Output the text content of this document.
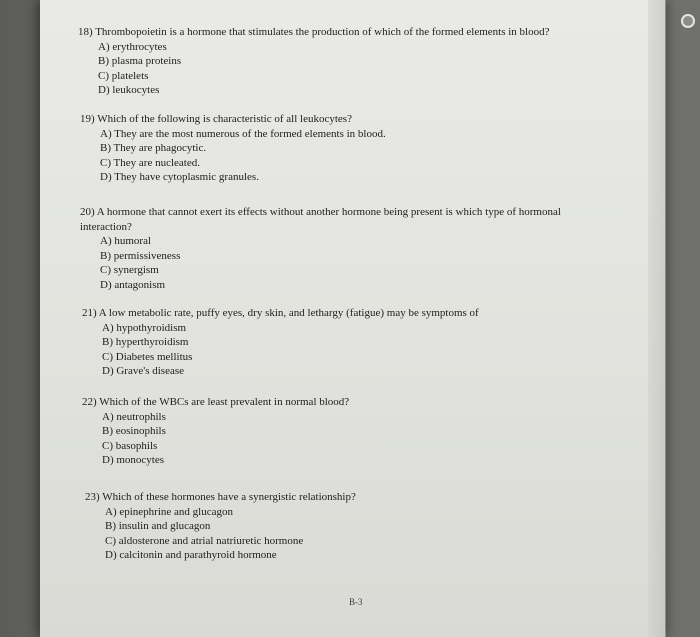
18) Thrombopoietin is a hormone that stimulates the production of which of the formed elements in blood?
A) erythrocytes
B) plasma proteins
C) platelets
D) leukocytes
19) Which of the following is characteristic of all leukocytes?
A) They are the most numerous of the formed elements in blood.
B) They are phagocytic.
C) They are nucleated.
D) They have cytoplasmic granules.
20) A hormone that cannot exert its effects without another hormone being present is which type of hormonal interaction?
A) humoral
B) permissiveness
C) synergism
D) antagonism
21) A low metabolic rate, puffy eyes, dry skin, and lethargy (fatigue) may be symptoms of
A) hypothyroidism
B) hyperthyroidism
C) Diabetes mellitus
D) Grave's disease
22) Which of the WBCs are least prevalent in normal blood?
A) neutrophils
B) eosinophils
C) basophils
D) monocytes
23) Which of these hormones have a synergistic relationship?
A) epinephrine and glucagon
B) insulin and glucagon
C) aldosterone and atrial natriuretic hormone
D) calcitonin and parathyroid hormone
B-3
